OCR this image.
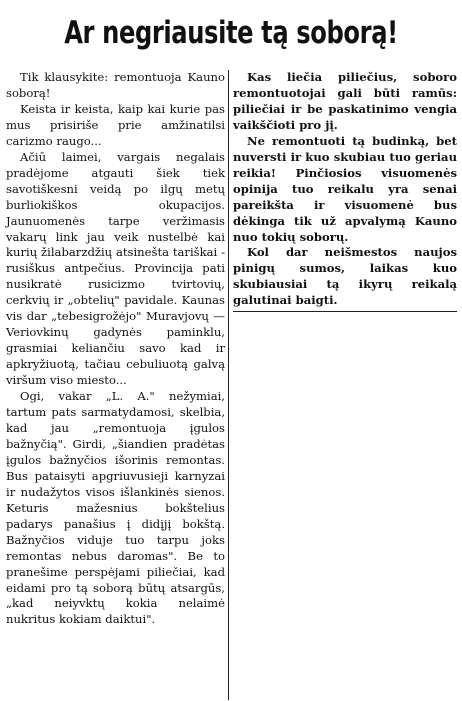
Ar negriausite tą soborą!

Tik klausykite: remontuoja Kauno soborą!

Keista ir keista, kaip kai kurie pas mus prisiriše prie amžinatilsi carizmo raugo...

Ačiū laimei, vargais negalais pradėjome atgauti šiek tiek savotiškesni veidą po ilgų metų burliokiškos okupacijos. Jaunuomenės tarpe veržimasis vakarų link jau veik nustelbė kai kurių žilabarzdžių atsinešta tariškai - rusiškus antpečius. Provincija pati nusikratė rusicizmo tvirtovių, cerkvių ir „obtelių" pavidale. Kaunas vis dar „tebesigrožėjo" Muravjovų — Veriovkinų gadynės paminklu, grasmiai keliančiu savo kad ir apkryžiuotą, tačiau cebuliuotą galvą viršum viso miesto...

Ogi, vakar „L. A." nežymiai, tartum pats sarmatydamosi, skelbia, kad jau „remontuoja įgulos bažnyčią". Girdi, „šiandien pradėtas įgulos bažnyčios išorinis remontas. Bus pataisyti apgriuvusieji karnyzai ir nudažytos visos išlankinės sienos. Keturis mažesnius bokštelius padarys panašius į didįjį bokštą. Bažnyčios viduje tuo tarpu joks remontas nebus daromas". Be to pranešime perspėjami piliečiai, kad eidami pro tą soborą būtų atsargūs, „kad neiyvktų kokia nelaimė nukritus kokiam daiktui".

Kas liečia piliečius, soboro remontuotojai gali būti ramūs: piliečiai ir be paskatinimo vengia vaikščioti pro jį.

Ne remontuoti tą budinką, bet nuversti ir kuo skubiau tuo geriau reikia! Pinčiosios visuomenės opinija tuo reikalu yra senai pareikšta ir visuomenė bus dėkinga tik už apvalymą Kauno nuo tokių soborų.

Kol dar neišmestos naujos pinigų sumos, laikas kuo skubiausiai tą ikyrų reikalą galutinai baigti.
